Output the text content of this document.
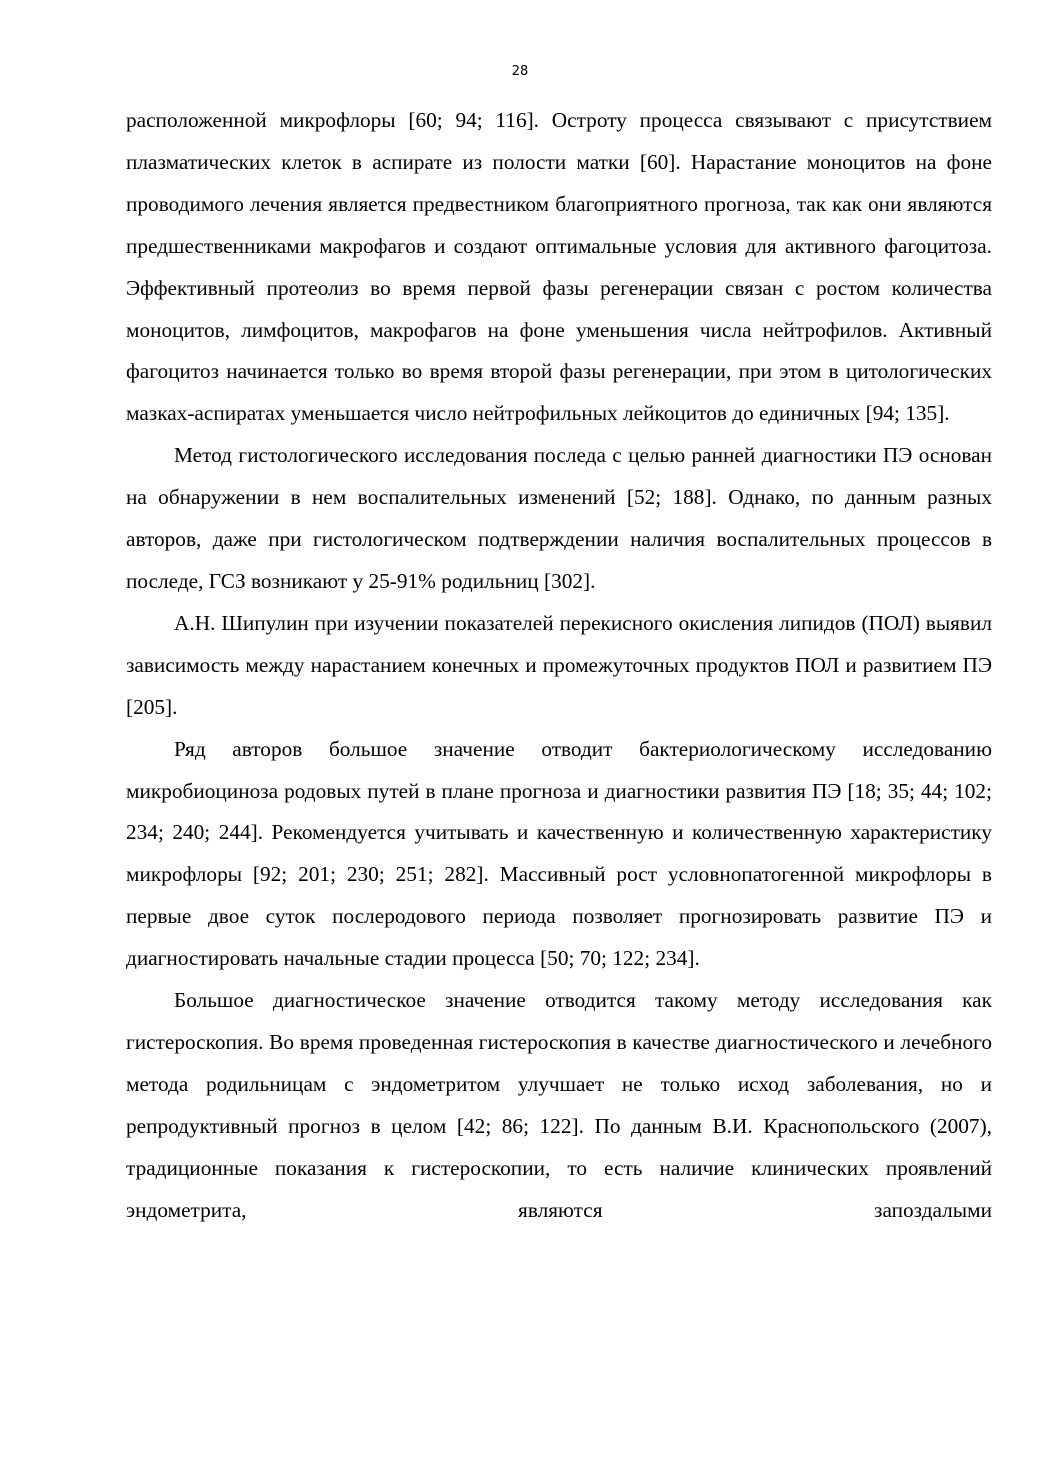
28

расположенной микрофлоры [60; 94; 116]. Остроту процесса связывают с присутствием плазматических клеток в аспирате из полости матки [60]. Нарастание моноцитов на фоне проводимого лечения является предвестником благоприятного прогноза, так как они являются предшественниками макрофагов и создают оптимальные условия для активного фагоцитоза. Эффективный протеолиз во время первой фазы регенерации связан с ростом количества моноцитов, лимфоцитов, макрофагов на фоне уменьшения числа нейтрофилов. Активный фагоцитоз начинается только во время второй фазы регенерации, при этом в цитологических мазках-аспиратах уменьшается число нейтрофильных лейкоцитов до единичных [94; 135].

Метод гистологического исследования последа с целью ранней диагностики ПЭ основан на обнаружении в нем воспалительных изменений [52; 188]. Однако, по данным разных авторов, даже при гистологическом подтверждении наличия воспалительных процессов в последе, ГСЗ возникают у 25-91% родильниц [302].

А.Н. Шипулин при изучении показателей перекисного окисления липидов (ПОЛ) выявил зависимость между нарастанием конечных и промежуточных продуктов ПОЛ и развитием ПЭ [205].

Ряд авторов большое значение отводит бактериологическому исследованию микробиоциноза родовых путей в плане прогноза и диагностики развития ПЭ [18; 35; 44; 102; 234; 240; 244]. Рекомендуется учитывать и качественную и количественную характеристику микрофлоры [92; 201; 230; 251; 282]. Массивный рост условнопатогенной микрофлоры в первые двое суток послеродового периода позволяет прогнозировать развитие ПЭ и диагностировать начальные стадии процесса [50; 70; 122; 234].

Большое диагностическое значение отводится такому методу исследования как гистероскопия. Во время проведенная гистероскопия в качестве диагностического и лечебного метода родильницам с эндометритом улучшает не только исход заболевания, но и репродуктивный прогноз в целом [42; 86; 122]. По данным В.И. Краснопольского (2007), традиционные показания к гистероскопии, то есть наличие клинических проявлений эндометрита, являются запоздалыми
